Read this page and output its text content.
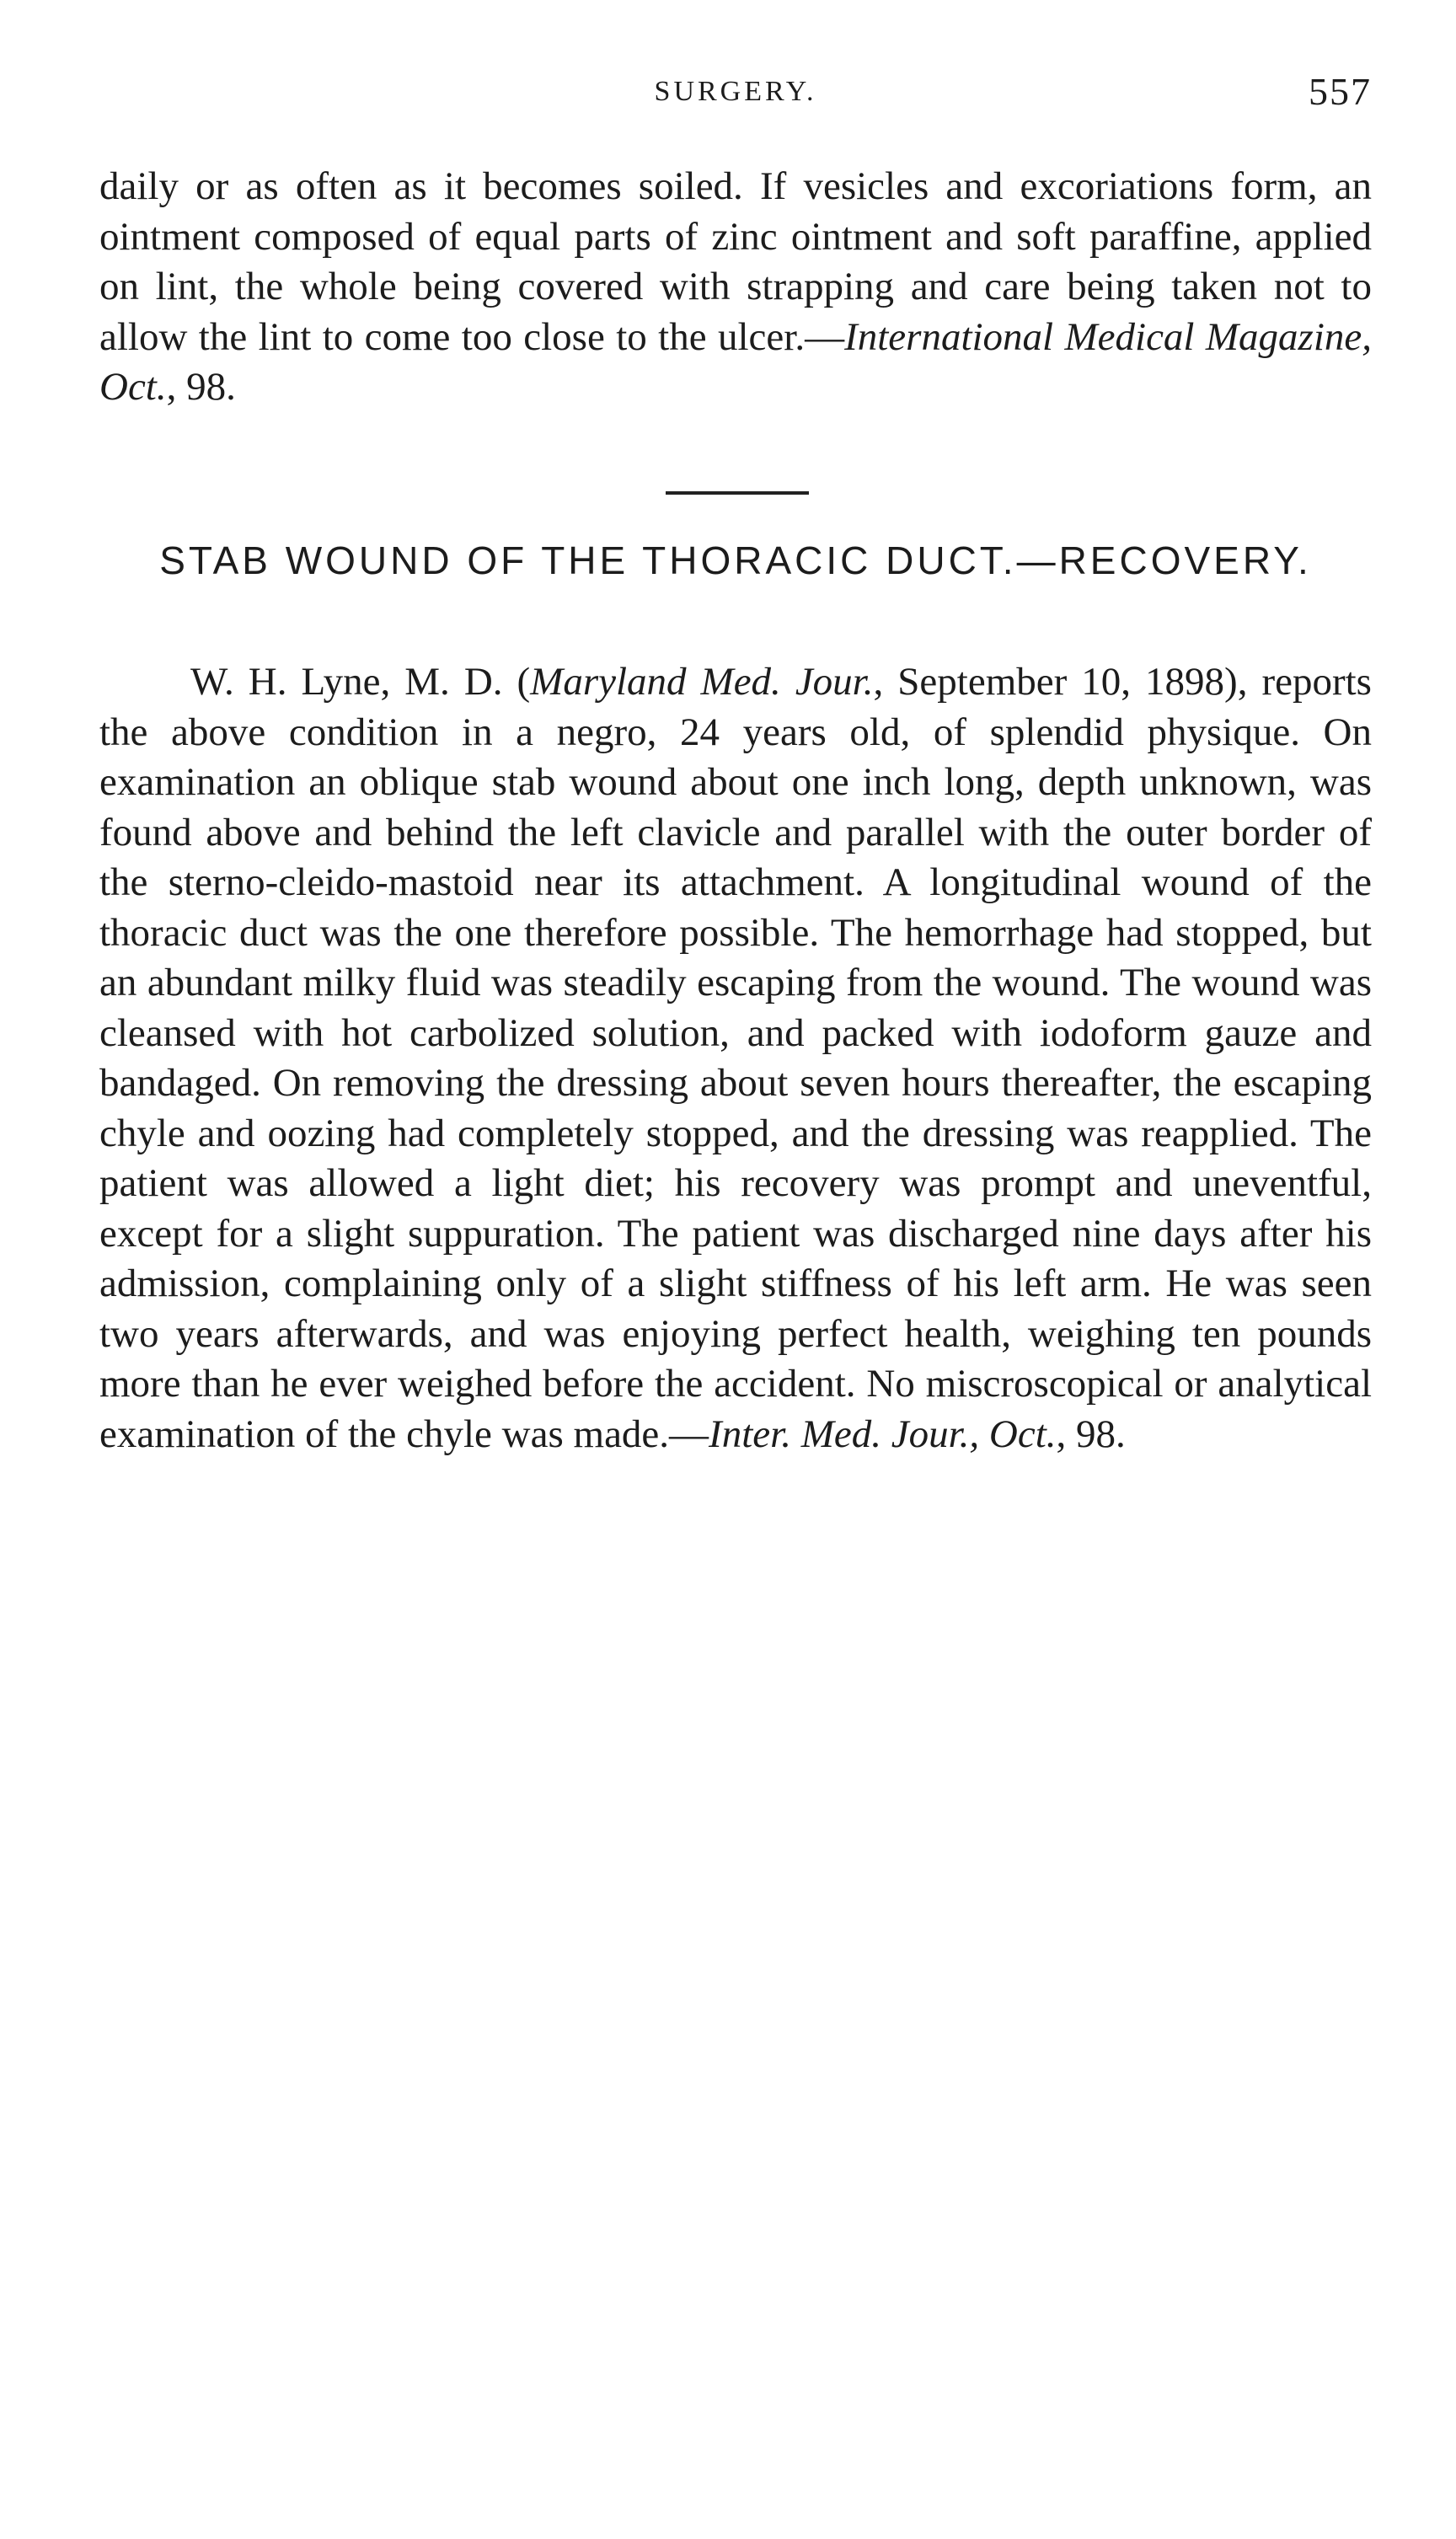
SURGERY.	557

daily or as often as it becomes soiled. If vesicles and excoriations form, an ointment composed of equal parts of zinc ointment and soft paraffine, applied on lint, the whole being covered with strapping and care being taken not to allow the lint to come too close to the ulcer.—International Medical Magazine, Oct., 98.

STAB WOUND OF THE THORACIC DUCT.—RECOVERY.

W. H. Lyne, M. D. (Maryland Med. Jour., September 10, 1898), reports the above condition in a negro, 24 years old, of splendid physique. On examination an oblique stab wound about one inch long, depth unknown, was found above and behind the left clavicle and parallel with the outer border of the sterno-cleido-mastoid near its attachment. A longitudinal wound of the thoracic duct was the one therefore possible. The hemorrhage had stopped, but an abundant milky fluid was steadily escaping from the wound. The wound was cleansed with hot carbolized solution, and packed with iodoform gauze and bandaged. On removing the dressing about seven hours thereafter, the escaping chyle and oozing had completely stopped, and the dressing was reapplied. The patient was allowed a light diet; his recovery was prompt and uneventful, except for a slight suppuration. The patient was discharged nine days after his admission, complaining only of a slight stiffness of his left arm. He was seen two years afterwards, and was enjoying perfect health, weighing ten pounds more than he ever weighed before the accident. No miscroscopical or analytical examination of the chyle was made.—Inter. Med. Jour., Oct., 98.
